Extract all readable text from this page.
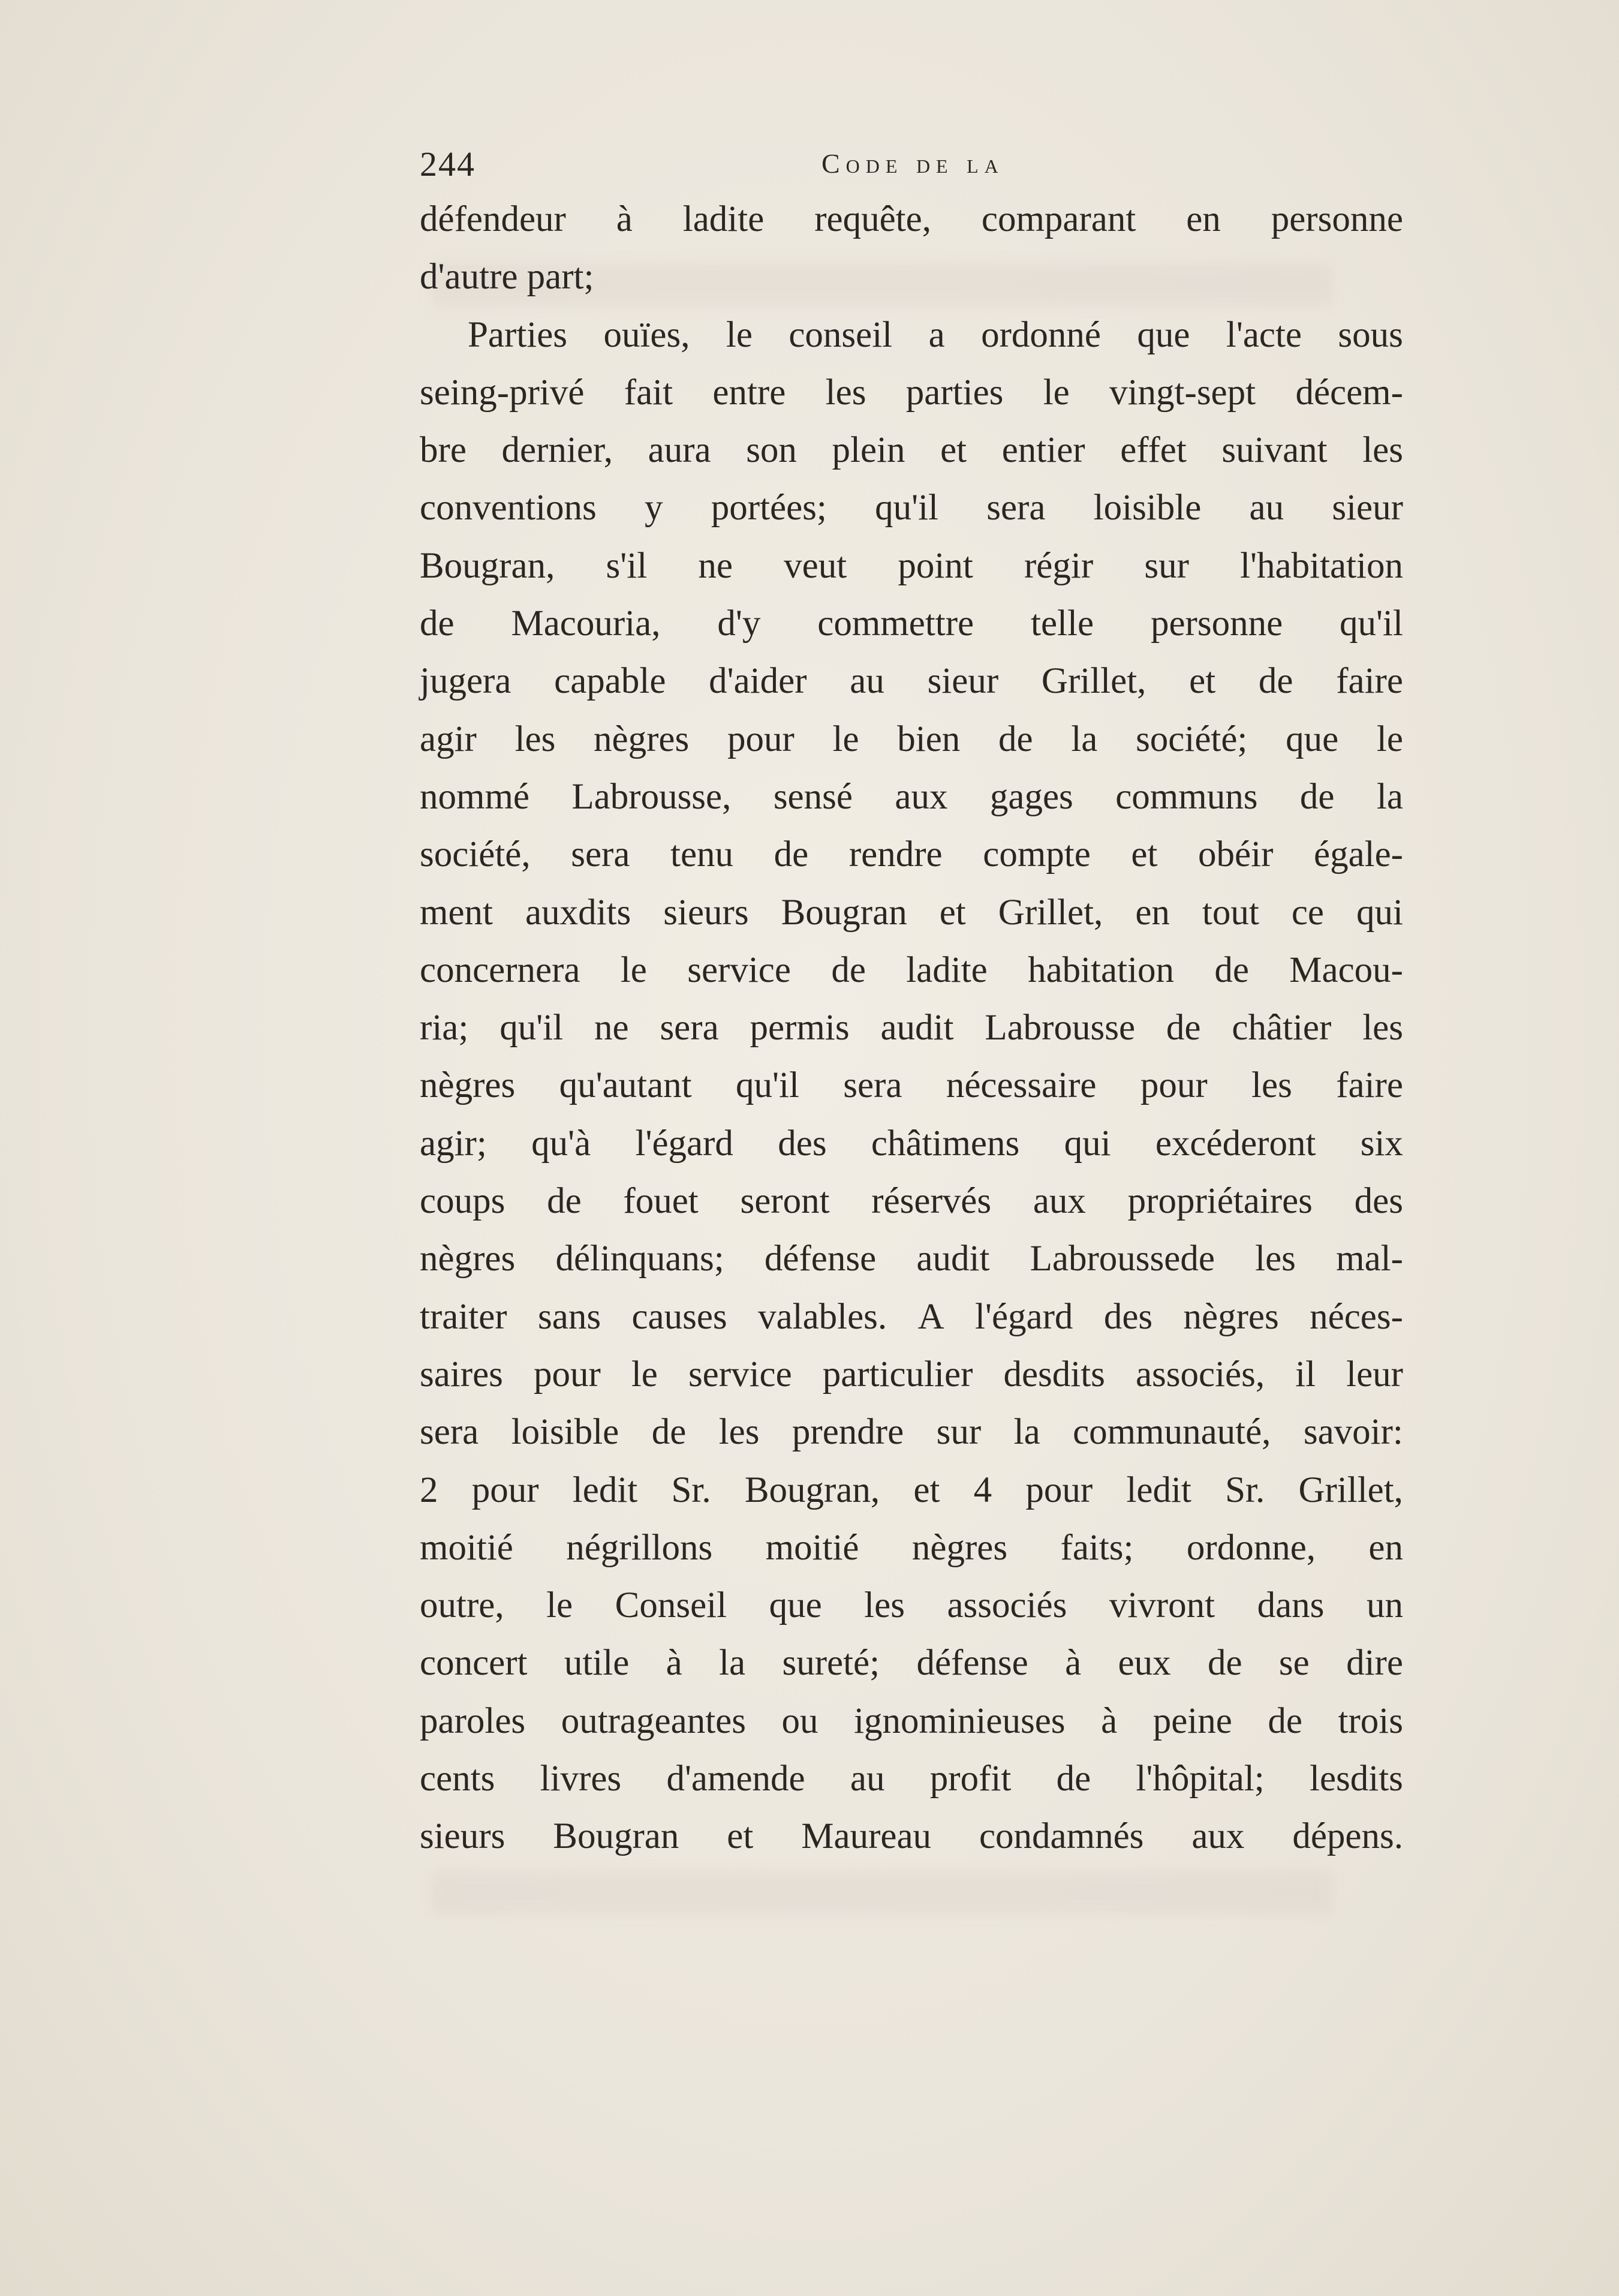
244	Code de la
défendeur à ladite requête, comparant en personne
d'autre part;
Parties ouïes, le conseil a ordonné que l'acte sous
seing-privé fait entre les parties le vingt-sept décem-
bre dernier, aura son plein et entier effet suivant les
conventions y portées; qu'il sera loisible au sieur
Bougran, s'il ne veut point régir sur l'habitation
de Macouria, d'y commettre telle personne qu'il
jugera capable d'aider au sieur Grillet, et de faire
agir les nègres pour le bien de la société; que le
nommé Labrousse, sensé aux gages communs de la
société, sera tenu de rendre compte et obéir égale-
ment auxdits sieurs Bougran et Grillet, en tout ce qui
concernera le service de ladite habitation de Macou-
ria; qu'il ne sera permis audit Labrousse de châtier les
nègres qu'autant qu'il sera nécessaire pour les faire
agir; qu'à l'égard des châtimens qui excéderont six
coups de fouet seront réservés aux propriétaires des
nègres délinquans; défense audit Labroussede les mal-
traiter sans causes valables. A l'égard des nègres néces-
saires pour le service particulier desdits associés, il leur
sera loisible de les prendre sur la communauté, savoir:
2 pour ledit Sr. Bougran, et 4 pour ledit Sr. Grillet,
moitié négrillons moitié nègres faits; ordonne, en
outre, le Conseil que les associés vivront dans un
concert utile à la sureté; défense à eux de se dire
paroles outrageantes ou ignominieuses à peine de trois
cents livres d'amende au profit de l'hôpital; lesdits
sieurs Bougran et Maureau condamnés aux dépens.
